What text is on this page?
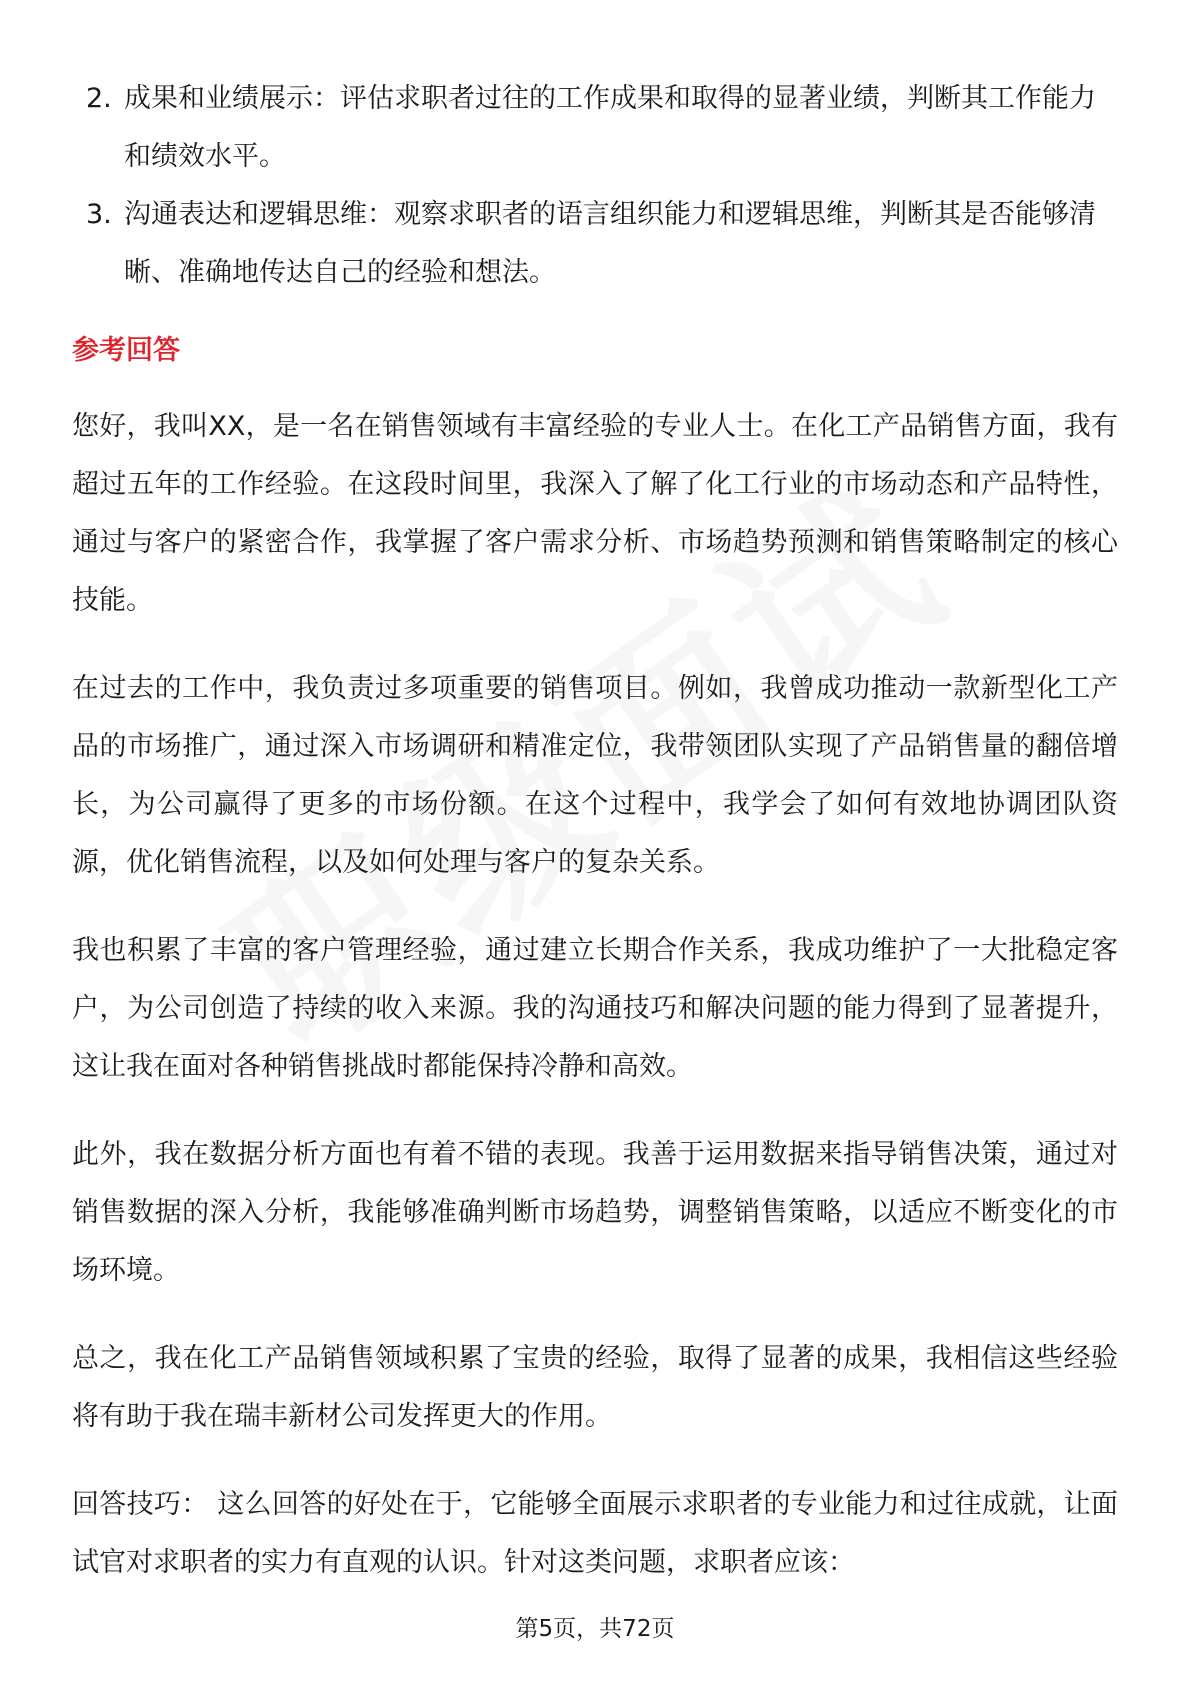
2. 成果和业绩展示：评估求职者过往的工作成果和取得的显著业绩，判断其工作能力和绩效水平。
3. 沟通表达和逻辑思维：观察求职者的语言组织能力和逻辑思维，判断其是否能够清晰、准确地传达自己的经验和想法。
参考回答

您好，我叫XX，是一名在销售领域有丰富经验的专业人士。在化工产品销售方面，我有超过五年的工作经验。在这段时间里，我深入了解了化工行业的市场动态和产品特性，通过与客户的紧密合作，我掌握了客户需求分析、市场趋势预测和销售策略制定的核心技能。

在过去的工作中，我负责过多项重要的销售项目。例如，我曾成功推动一款新型化工产品的市场推广，通过深入市场调研和精准定位，我带领团队实现了产品销售量的翻倍增长，为公司赢得了更多的市场份额。在这个过程中，我学会了如何有效地协调团队资源，优化销售流程，以及如何处理与客户的复杂关系。

我也积累了丰富的客户管理经验，通过建立长期合作关系，我成功维护了一大批稳定客户，为公司创造了持续的收入来源。我的沟通技巧和解决问题的能力得到了显著提升，这让我在面对各种销售挑战时都能保持冷静和高效。

此外，我在数据分析方面也有着不错的表现。我善于运用数据来指导销售决策，通过对销售数据的深入分析，我能够准确判断市场趋势，调整销售策略，以适应不断变化的市场环境。

总之，我在化工产品销售领域积累了宝贵的经验，取得了显著的成果，我相信这些经验将有助于我在瑞丰新材公司发挥更大的作用。

回答技巧： 这么回答的好处在于，它能够全面展示求职者的专业能力和过往成就，让面试官对求职者的实力有直观的认识。针对这类问题，求职者应该：

第5页，共72页
